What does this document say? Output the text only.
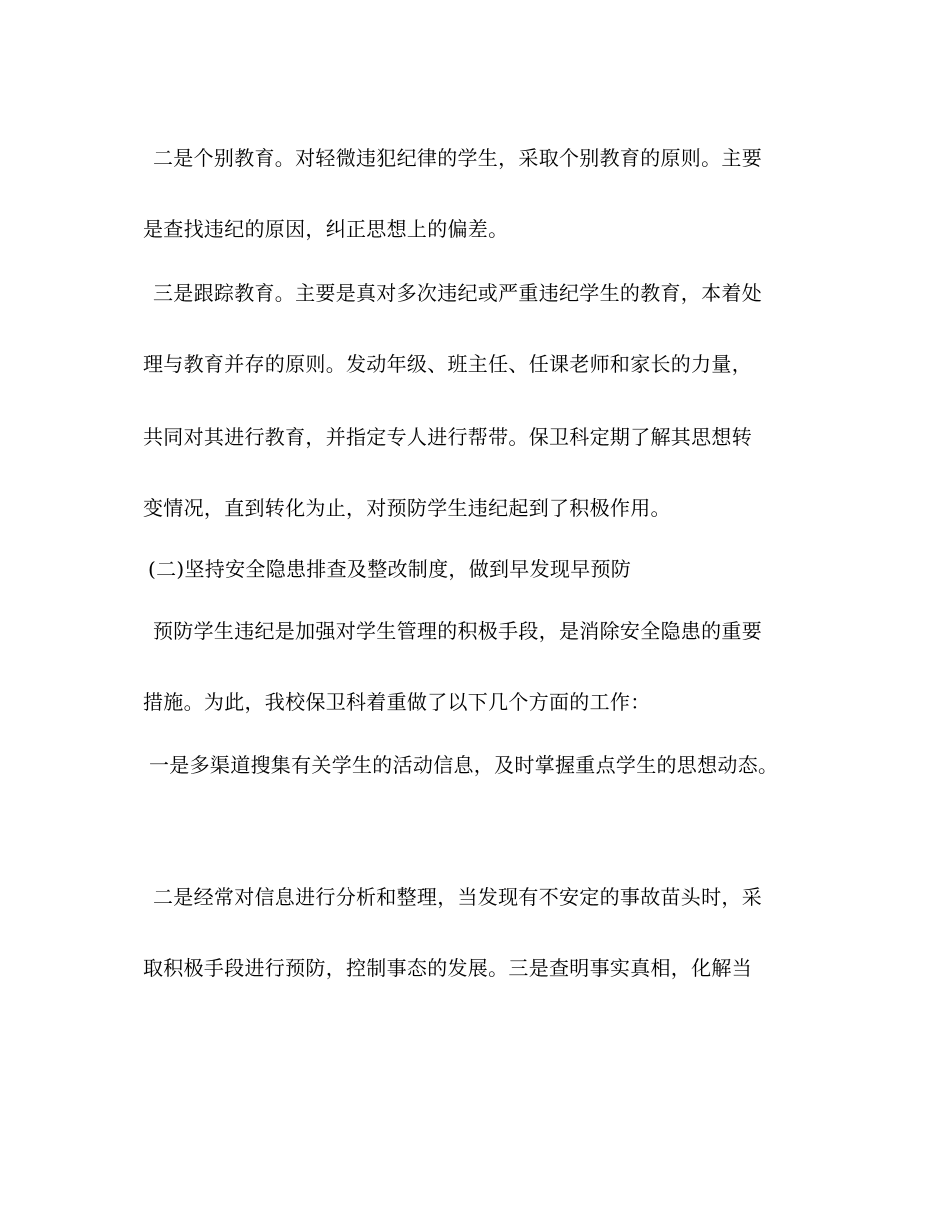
二是个别教育。对轻微违犯纪律的学生，采取个别教育的原则。主要

是查找违纪的原因，纠正思想上的偏差。

三是跟踪教育。主要是真对多次违纪或严重违纪学生的教育，本着处

理与教育并存的原则。发动年级、班主任、任课老师和家长的力量，

共同对其进行教育，并指定专人进行帮带。保卫科定期了解其思想转

变情况，直到转化为止，对预防学生违纪起到了积极作用。

(二)坚持安全隐患排查及整改制度，做到早发现早预防

预防学生违纪是加强对学生管理的积极手段，是消除安全隐患的重要

措施。为此，我校保卫科着重做了以下几个方面的工作：

一是多渠道搜集有关学生的活动信息，及时掌握重点学生的思想动态。

二是经常对信息进行分析和整理，当发现有不安定的事故苗头时，采

取积极手段进行预防，控制事态的发展。三是查明事实真相，化解当
